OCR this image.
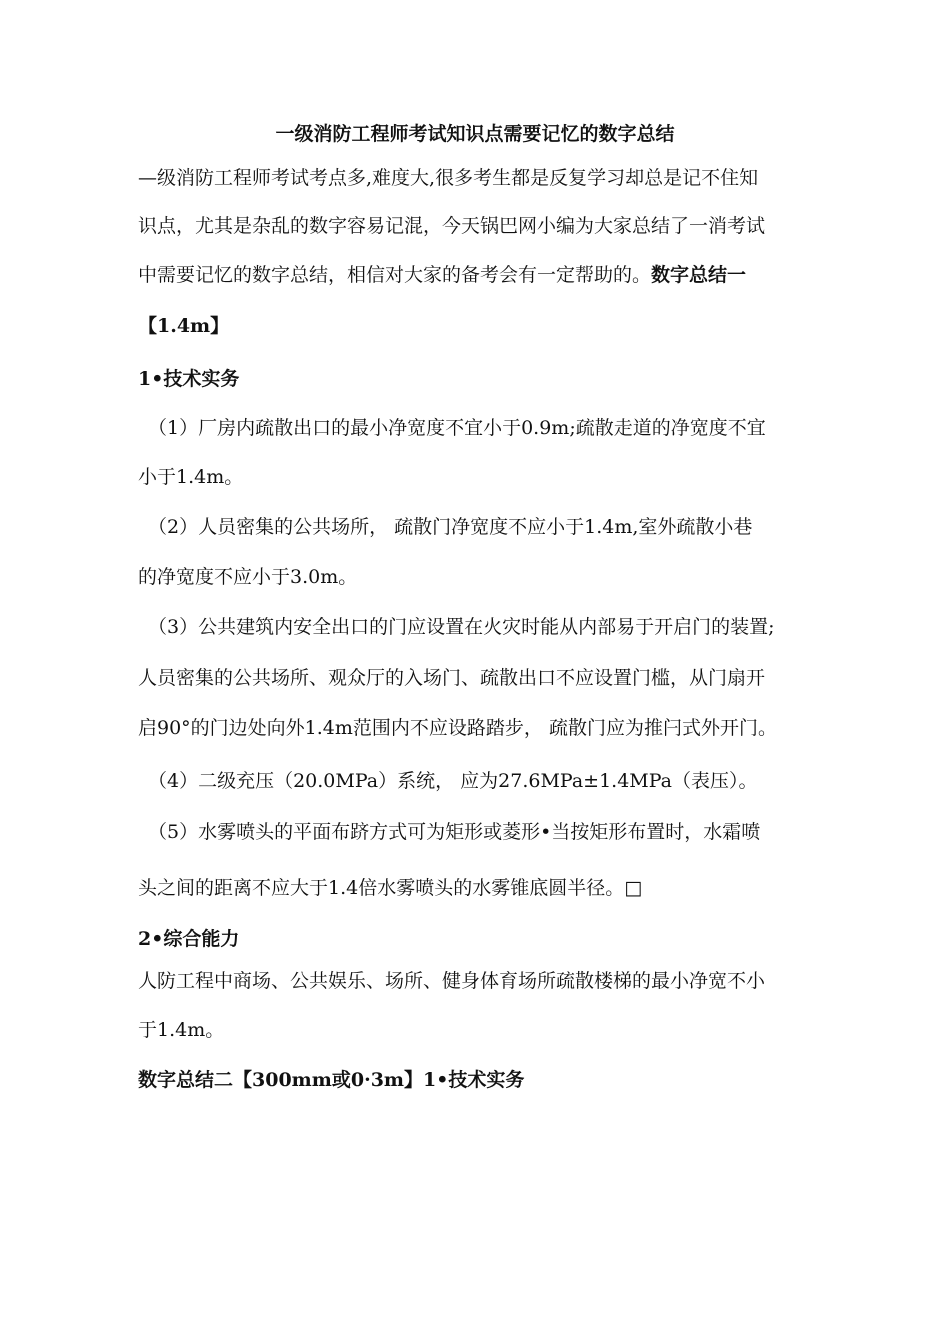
一级消防工程师考试知识点需要记忆的数字总结

—级消防工程师考试考点多,难度大,很多考生都是反复学习却总是记不住知

识点，尤其是杂乱的数字容易记混，今天锅巴网小编为大家总结了一消考试

中需要记忆的数字总结，相信对大家的备考会有一定帮助的。数字总结一

【1.4m】

1•技术实务

（1）厂房内疏散出口的最小净宽度不宜小于0.9m;疏散走道的净宽度不宜

小于1.4m。

（2）人员密集的公共场所， 疏散门净宽度不应小于1.4m,室外疏散小巷

的净宽度不应小于3.0m。

（3）公共建筑内安全出口的门应设置在火灾时能从内部易于开启门的装置;

人员密集的公共场所、观众厅的入场门、疏散出口不应设置门槛，从门扇开

启90°的门边处向外1.4m范围内不应设路踏步， 疏散门应为推闩式外开门。

（4）二级充压（20.0MPa）系统， 应为27.6MPa±1.4MPa（表压）。

（5）水雾喷头的平面布跻方式可为矩形或菱形•当按矩形布置时，水霜喷

头之间的距离不应大于1.4倍水雾喷头的水雾锥底圆半径。□

2•综合能力

人防工程中商场、公共娱乐、场所、健身体育场所疏散楼梯的最小净宽不小

于1.4m。

数字总结二【300mm或0·3m】1•技术实务
